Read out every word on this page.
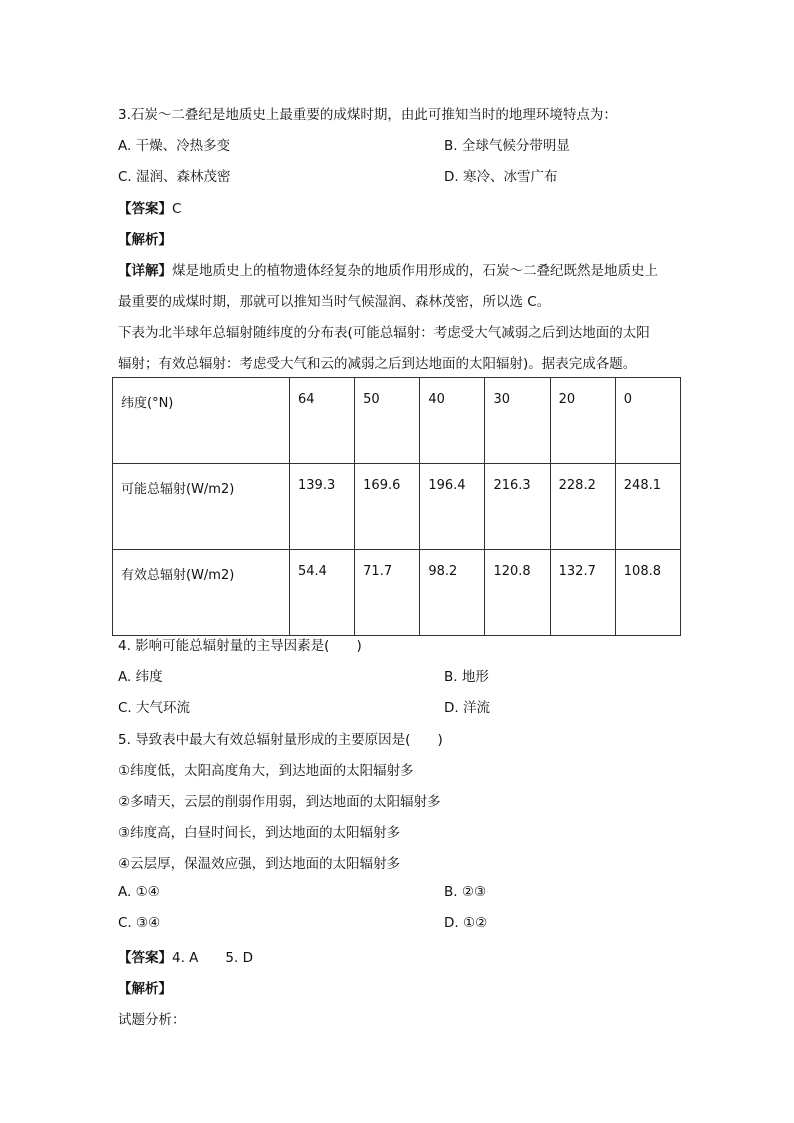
3.石炭～二叠纪是地质史上最重要的成煤时期，由此可推知当时的地理环境特点为：
A. 干燥、冷热多变	B. 全球气候分带明显
C. 湿润、森林茂密	D. 寒冷、冰雪广布
【答案】C
【解析】
【详解】煤是地质史上的植物遗体经复杂的地质作用形成的，石炭～二叠纪既然是地质史上
最重要的成煤时期，那就可以推知当时气候湿润、森林茂密，所以选 C。
下表为北半球年总辐射随纬度的分布表(可能总辐射：考虑受大气减弱之后到达地面的太阳
辐射；有效总辐射：考虑受大气和云的减弱之后到达地面的太阳辐射)。据表完成各题。
纬度(°N)	64	50	40	30	20	0
可能总辐射(W/m2)	139.3	169.6	196.4	216.3	228.2	248.1
有效总辐射(W/m2)	54.4	71.7	98.2	120.8	132.7	108.8
4. 影响可能总辐射量的主导因素是(　　)
A. 纬度	B. 地形
C. 大气环流	D. 洋流
5. 导致表中最大有效总辐射量形成的主要原因是(　　)
①纬度低，太阳高度角大，到达地面的太阳辐射多
②多晴天，云层的削弱作用弱，到达地面的太阳辐射多
③纬度高，白昼时间长，到达地面的太阳辐射多
④云层厚，保温效应强，到达地面的太阳辐射多
A. ①④	B. ②③
C. ③④	D. ①②
【答案】4. A　　5. D
【解析】
试题分析：
